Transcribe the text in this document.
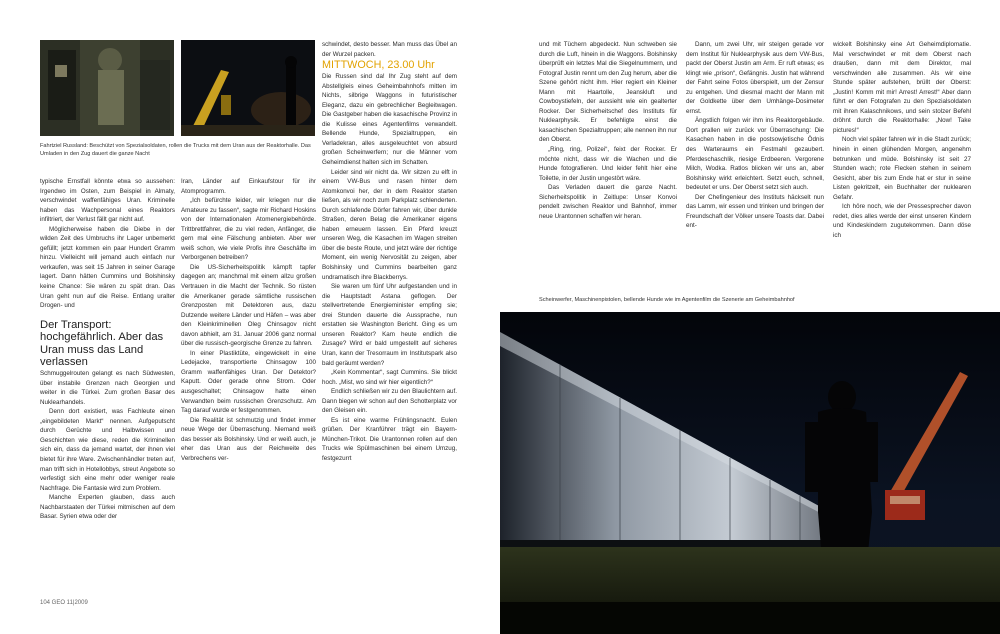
Fahrtziel Russland: Beschützt von Spezialsoldaten, rollen die Trucks mit dem Uran aus der Reaktorhalle. Das Umladen in den Zug dauert die ganze Nacht

typische Ernstfall könnte etwa so aussehen: Irgendwo im Osten, zum Beispiel in Almaty, verschwindet waffenfähiges Uran. Kriminelle haben das Wachpersonal eines Reaktors infiltriert, der Verlust fällt gar nicht auf.

Möglicherweise haben die Diebe in der wilden Zeit des Umbruchs ihr Lager unbemerkt gefüllt; jetzt kommen ein paar Hundert Gramm hinzu. Vielleicht will jemand auch einfach nur verkaufen, was seit 15 Jahren in seiner Garage lagert. Dann hätten Cummins und Bolshinsky keine Chance: Sie wären zu spät dran. Das Uran geht nun auf die Reise. Entlang uralter Drogen- und

Der Transport: hochgefährlich. Aber das Uran muss das Land verlassen

Schmuggelrouten gelangt es nach Südwesten, über instabile Grenzen nach Georgien und weiter in die Türkei. Zum großen Basar des Nuklearhandels.

Denn dort existiert, was Fachleute einen „eingebildeten Markt“ nennen. Aufgeputscht durch Gerüchte und Halbwissen und Geschichten wie diese, reden die Kriminellen sich ein, dass da jemand wartet, der ihnen viel bietet für ihre Ware. Zwischenhändler treten auf, man trifft sich in Hotellobbys, streut Angebote so verfestigt sich eine mehr oder weniger reale Nachfrage. Die Fantasie wird zum Problem.

Manche Experten glauben, dass auch Nachbarstaaten der Türkei mitmischen auf dem Basar. Syrien etwa oder der

Iran, Länder auf Einkaufstour für ihr Atomprogramm.

„Ich befürchte leider, wir kriegen nur die Amateure zu fassen“, sagte mir Richard Hoskins von der Internationalen Atomenergiebehörde. Trittbrettfahrer, die zu viel reden, Anfänger, die gern mal eine Fälschung anbieten. Aber wer weiß schon, wie viele Profis ihre Geschäfte im Verborgenen betreiben?

Die US-Sicherheitspolitik kämpft tapfer dagegen an; manchmal mit einem allzu großen Vertrauen in die Macht der Technik. So rüsten die Amerikaner gerade sämtliche russischen Grenzposten mit Detektoren aus, dazu Dutzende weitere Länder und Häfen – was aber den Kleinkriminellen Oleg Chinsagov nicht davon abhielt, am 31. Januar 2006 ganz normal über die russisch-georgische Grenze zu fahren.

In einer Plastiktüte, eingewickelt in eine Ledejacke, transportierte Chinsagow 100 Gramm waffenfähiges Uran. Der Detektor? Kaputt. Oder gerade ohne Strom. Oder ausgeschaltet; Chinsagow hatte einen Verwandten beim russischen Grenzschutz. Am Tag darauf wurde er festgenommen.

Die Realität ist schmutzig und findet immer neue Wege der Überraschung. Niemand weiß das besser als Bolshinsky. Und er weiß auch, je eher das Uran aus der Reichweite des Verbrechens ver-

schwindet, desto besser. Man muss das Übel an der Wurzel packen.

MITTWOCH, 23.00 Uhr

Die Russen sind da! Ihr Zug steht auf dem Abstellgleis eines Geheimbahnhofs mitten im Nichts, silbrige Waggons in futuristischer Eleganz, dazu ein gebrechlicher Begleitwagen. Die Gastgeber haben die kasachische Provinz in die Kulisse eines Agentenfilms verwandelt. Bellende Hunde, Spezialtruppen, ein Verladekran, alles ausgeleuchtet von absurd großen Scheinwerfern; nur die Männer vom Geheimdienst halten sich im Schatten.

Leider sind wir nicht da. Wir sitzen zu elft in einem VW-Bus und rasen hinter dem Atomkonvoi her, der in dem Reaktor starten ließen, als wir noch zum Parkplatz schlenderten. Durch schlafende Dörfer fahren wir, über dunkle Straßen, deren Belag die Amerikaner eigens haben erneuern lassen. Ein Pferd kreuzt unseren Weg, die Kasachen im Wagen streiten über die beste Route, und jetzt wäre der richtige Moment, ein wenig Nervosität zu zeigen, aber Bolshinsky und Cummins bearbeiten ganz undramatisch ihre Blackberrys.

Sie waren um fünf Uhr aufgestanden und in die Hauptstadt Astana geflogen. Der stellvertretende Energieminister empfing sie; drei Stunden dauerte die Aussprache, nun erstatten sie Washington Bericht. Ging es um unseren Reaktor? Kam heute endlich die Zusage? Wird er bald umgestellt auf sicheres Uran, kann der Tresorraum im Institutspark also bald geräumt werden?

„Kein Kommentar“, sagt Cummins. Sie blickt hoch. „Mist, wo sind wir hier eigentlich?“

Endlich schließen wir zu den Blaulichtern auf. Dann biegen wir schon auf den Schotterplatz vor den Gleisen ein.

Es ist eine warme Frühlingsnacht. Eulen grüßen. Der Kranführer trägt ein Bayern-München-Trikot. Die Urantonnen rollen auf den Trucks wie Spülmaschinen bei einem Umzug, festgezurrt

104 GEO 11|2009

und mit Tüchern abgedeckt. Nun schweben sie durch die Luft, hinein in die Waggons. Bolshinsky überprüft ein letztes Mal die Siegelnummern, und Fotograf Justin rennt um den Zug herum, aber die Szene gehört nicht ihm. Hier regiert ein Kleiner Mann mit Haartolle, Jeanskluft und Cowboystiefeln, der aussieht wie ein gealterter Rocker. Der Sicherheitschef des Instituts für Nuklearphysik. Er befehligte einst die kasachischen Spezialtruppen; alle nennen ihn nur den Oberst.

„Ring, ring, Polizei“, feixt der Rocker. Er möchte nicht, dass wir die Wachen und die Hunde fotografieren. Und leider fehlt hier eine Toilette, in der Justin ungestört wäre.

Das Verladen dauert die ganze Nacht. Sicherheitspolitik in Zeitlupe: Unser Konvoi pendelt zwischen Reaktor und Bahnhof, immer neue Urantonnen schaffen wir heran.

Dann, um zwei Uhr, wir steigen gerade vor dem Institut für Nuklearphysik aus dem VW-Bus, packt der Oberst Justin am Arm. Er ruft etwas; es klingt wie „prison“, Gefängnis. Justin hat während der Fahrt seine Fotos überspielt, um der Zensur zu entgehen. Und diesmal macht der Mann mit der Goldkette über dem Umhänge-Dosimeter ernst.

Ängstlich folgen wir ihm ins Reaktorgebäude. Dort prallen wir zurück vor Überraschung: Die Kasachen haben in die postsowjetische Ödnis des Warteraums ein Festmahl gezaubert. Pferdeschaschlik, riesige Erdbeeren. Vergorene Milch, Wodka. Ratlos blicken wir uns an, aber Bolshinsky wirkt erleichtert. Setzt euch, schnell, bedeutet er uns. Der Oberst setzt sich auch.

Der Chefingenieur des Instituts häckselt nun das Lamm, wir essen und trinken und bringen der Freundschaft der Völker unsere Toasts dar. Dabei ent-

wickelt Bolshinsky eine Art Geheimdiplomatie. Mal verschwindet er mit dem Oberst nach draußen, dann mit dem Direktor, mal verschwinden alle zusammen. Als wir eine Stunde später aufstehen, brüllt der Oberst: „Justin! Komm mit mir! Arrest! Arrest!“ Aber dann führt er den Fotografen zu den Spezialsoldaten mit ihren Kalaschnikows, und sein stolzer Befehl dröhnt durch die Reaktorhalle: „Now! Take pictures!“

Noch viel später fahren wir in die Stadt zurück; hinein in einen glühenden Morgen, angenehm betrunken und müde. Bolshinsky ist seit 27 Stunden wach; rote Flecken stehen in seinem Gesicht, aber bis zum Ende hat er stur in seine Listen gekritzelt, ein Buchhalter der nuklearen Gefahr.

Ich höre noch, wie der Pressesprecher davon redet, dies alles werde der einst unseren Kindern und Kindeskindern zugutekommen. Dann döse ich

Scheinwerfer, Maschinenpistolen, bellende Hunde wie im Agentenfilm die Szenerie am Geheimbahnhof
